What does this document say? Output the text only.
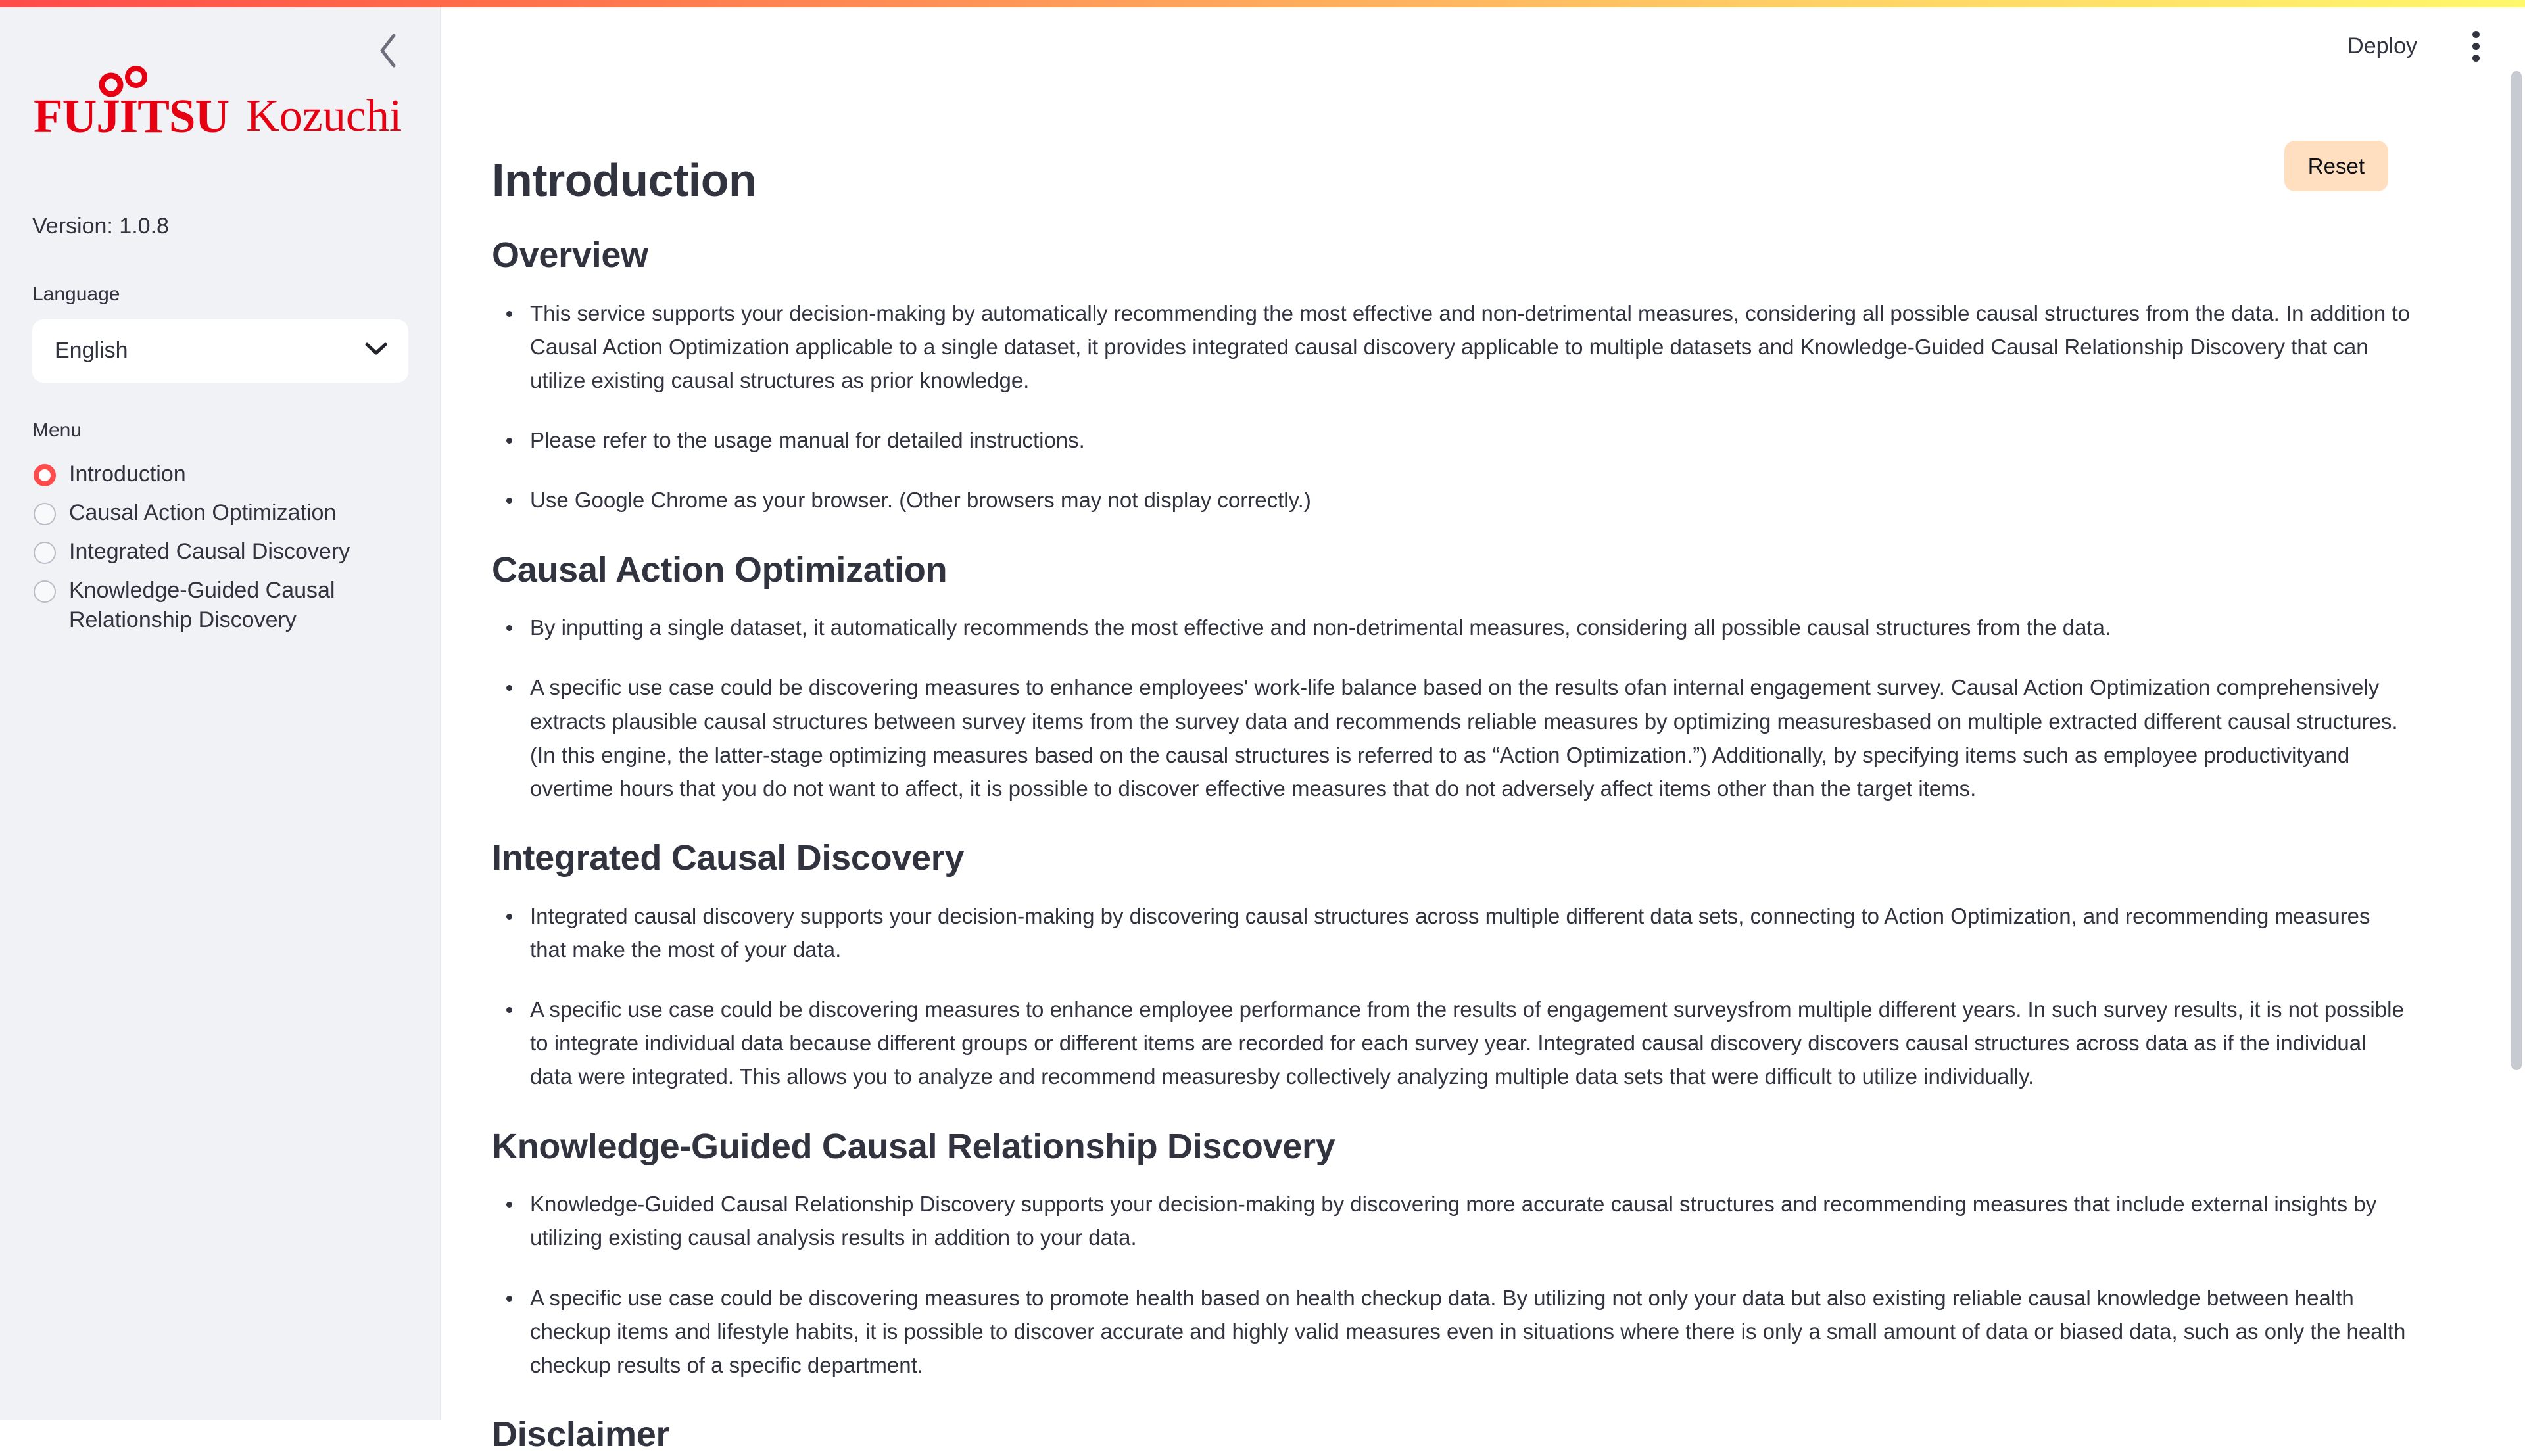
FUJITSU Kozuchi
Version: 1.0.8
Language
English
Menu
Introduction
Causal Action Optimization
Integrated Causal Discovery
Knowledge-Guided Causal Relationship Discovery
Deploy
Reset
Introduction
Overview
This service supports your decision-making by automatically recommending the most effective and non-detrimental measures, considering all possible causal structures from the data. In addition to Causal Action Optimization applicable to a single dataset, it provides integrated causal discovery applicable to multiple datasets and Knowledge-Guided Causal Relationship Discovery that can utilize existing causal structures as prior knowledge.
Please refer to the usage manual for detailed instructions.
Use Google Chrome as your browser. (Other browsers may not display correctly.)
Causal Action Optimization
By inputting a single dataset, it automatically recommends the most effective and non-detrimental measures, considering all possible causal structures from the data.
A specific use case could be discovering measures to enhance employees' work-life balance based on the results ofan internal engagement survey. Causal Action Optimization comprehensively extracts plausible causal structures between survey items from the survey data and recommends reliable measures by optimizing measuresbased on multiple extracted different causal structures.(In this engine, the latter-stage optimizing measures based on the causal structures is referred to as “Action Optimization.”) Additionally, by specifying items such as employee productivityand overtime hours that you do not want to affect, it is possible to discover effective measures that do not adversely affect items other than the target items.
Integrated Causal Discovery
Integrated causal discovery supports your decision-making by discovering causal structures across multiple different data sets, connecting to Action Optimization, and recommending measures that make the most of your data.
A specific use case could be discovering measures to enhance employee performance from the results of engagement surveysfrom multiple different years. In such survey results, it is not possible to integrate individual data because different groups or different items are recorded for each survey year. Integrated causal discovery discovers causal structures across data as if the individual data were integrated. This allows you to analyze and recommend measuresby collectively analyzing multiple data sets that were difficult to utilize individually.
Knowledge-Guided Causal Relationship Discovery
Knowledge-Guided Causal Relationship Discovery supports your decision-making by discovering more accurate causal structures and recommending measures that include external insights by utilizing existing causal analysis results in addition to your data.
A specific use case could be discovering measures to promote health based on health checkup data. By utilizing not only your data but also existing reliable causal knowledge between health checkup items and lifestyle habits, it is possible to discover accurate and highly valid measures even in situations where there is only a small amount of data or biased data, such as only the health checkup results of a specific department.
Disclaimer
